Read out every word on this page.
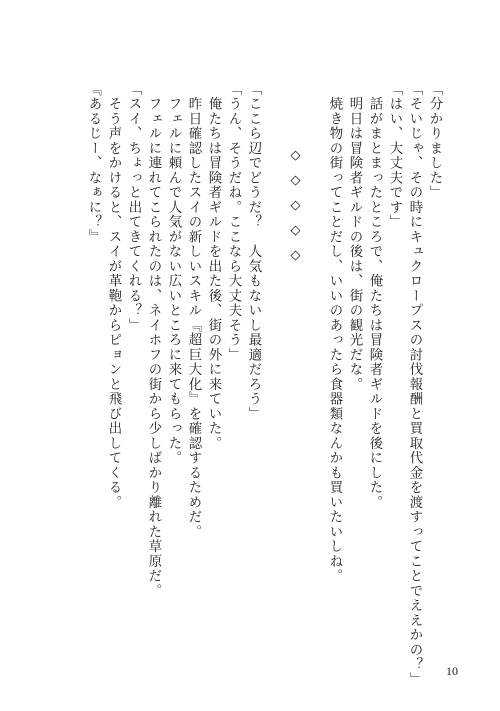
「分かりました」
「そいじゃ、その時にキュクロープスの討伐報酬と買取代金を渡すってことでええかの？」
「はい、大丈夫です」
　話がまとまったところで、俺たちは冒険者ギルドを後にした。
　明日は冒険者ギルドの後は、街の観光だな。
　焼き物の街ってことだし、いいのあったら食器類なんかも買いたいしね。
◇◇◇◇◇
「ここら辺でどうだ？　人気もないし最適だろう」
「うん、そうだね。ここなら大丈夫そう」
　俺たちは冒険者ギルドを出た後、街の外に来ていた。
　昨日確認したスイの新しいスキル『超巨大化』を確認するためだ。
　フェルに頼んで人気がない広いところに来てもらった。
　フェルに連れてこられたのは、ネイホフの街から少しばかり離れた草原だ。
「スイ、ちょっと出てきてくれる？」
　そう声をかけると、スイが革鞄からピョンと飛び出してくる。
『あるじー、なぁに？』
10
